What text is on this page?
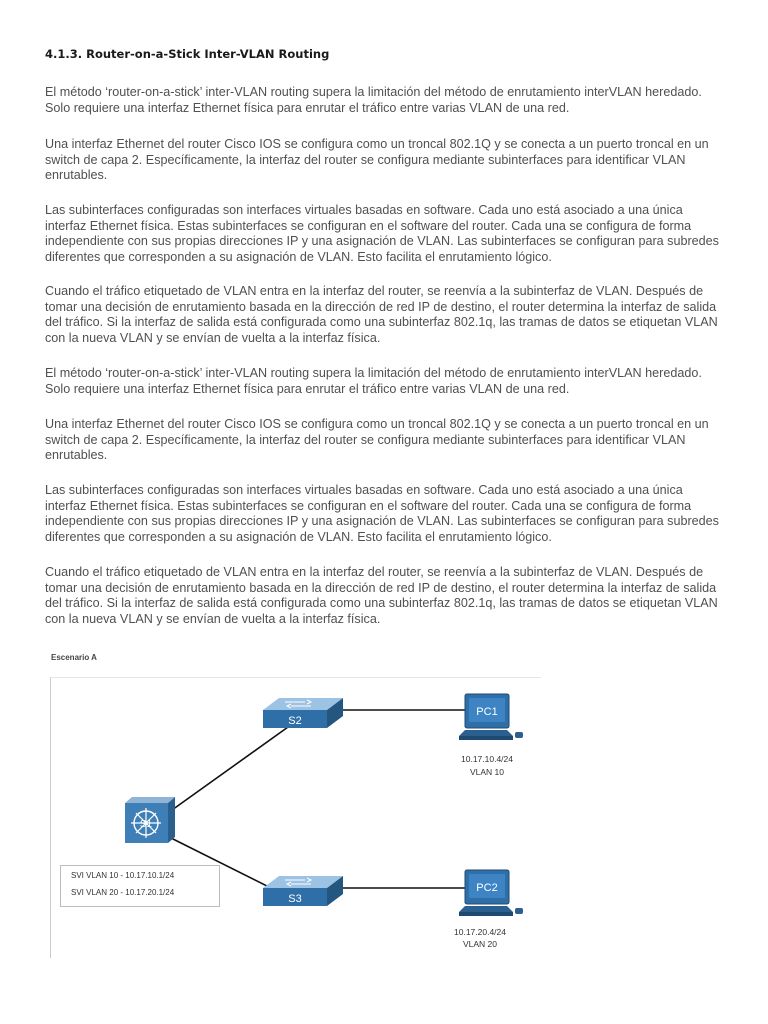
4.1.3. Router-on-a-Stick Inter-VLAN Routing
El método ‘router-on-a-stick’ inter-VLAN routing supera la limitación del método de enrutamiento interVLAN heredado. Solo requiere una interfaz Ethernet física para enrutar el tráfico entre varias VLAN de una red.
Una interfaz Ethernet del router Cisco IOS se configura como un troncal 802.1Q y se conecta a un puerto troncal en un switch de capa 2. Específicamente, la interfaz del router se configura mediante subinterfaces para identificar VLAN enrutables.
Las subinterfaces configuradas son interfaces virtuales basadas en software. Cada uno está asociado a una única interfaz Ethernet física. Estas subinterfaces se configuran en el software del router. Cada una se configura de forma independiente con sus propias direcciones IP y una asignación de VLAN. Las subinterfaces se configuran para subredes diferentes que corresponden a su asignación de VLAN. Esto facilita el enrutamiento lógico.
Cuando el tráfico etiquetado de VLAN entra en la interfaz del router, se reenvía a la subinterfaz de VLAN. Después de tomar una decisión de enrutamiento basada en la dirección de red IP de destino, el router determina la interfaz de salida del tráfico. Si la interfaz de salida está configurada como una subinterfaz 802.1q, las tramas de datos se etiquetan VLAN con la nueva VLAN y se envían de vuelta a la interfaz física.
El método ‘router-on-a-stick’ inter-VLAN routing supera la limitación del método de enrutamiento interVLAN heredado. Solo requiere una interfaz Ethernet física para enrutar el tráfico entre varias VLAN de una red.
Una interfaz Ethernet del router Cisco IOS se configura como un troncal 802.1Q y se conecta a un puerto troncal en un switch de capa 2. Específicamente, la interfaz del router se configura mediante subinterfaces para identificar VLAN enrutables.
Las subinterfaces configuradas son interfaces virtuales basadas en software. Cada uno está asociado a una única interfaz Ethernet física. Estas subinterfaces se configuran en el software del router. Cada una se configura de forma independiente con sus propias direcciones IP y una asignación de VLAN. Las subinterfaces se configuran para subredes diferentes que corresponden a su asignación de VLAN. Esto facilita el enrutamiento lógico.
Cuando el tráfico etiquetado de VLAN entra en la interfaz del router, se reenvía a la subinterfaz de VLAN. Después de tomar una decisión de enrutamiento basada en la dirección de red IP de destino, el router determina la interfaz de salida del tráfico. Si la interfaz de salida está configurada como una subinterfaz 802.1q, las tramas de datos se etiquetan VLAN con la nueva VLAN y se envían de vuelta a la interfaz física.
Escenario A
S1
S2
S3
PC1
PC2
SVI VLAN 10 - 10.17.10.1/24
SVI VLAN 20 - 10.17.20.1/24
10.17.10.4/24
VLAN 10
10.17.20.4/24
VLAN 20
